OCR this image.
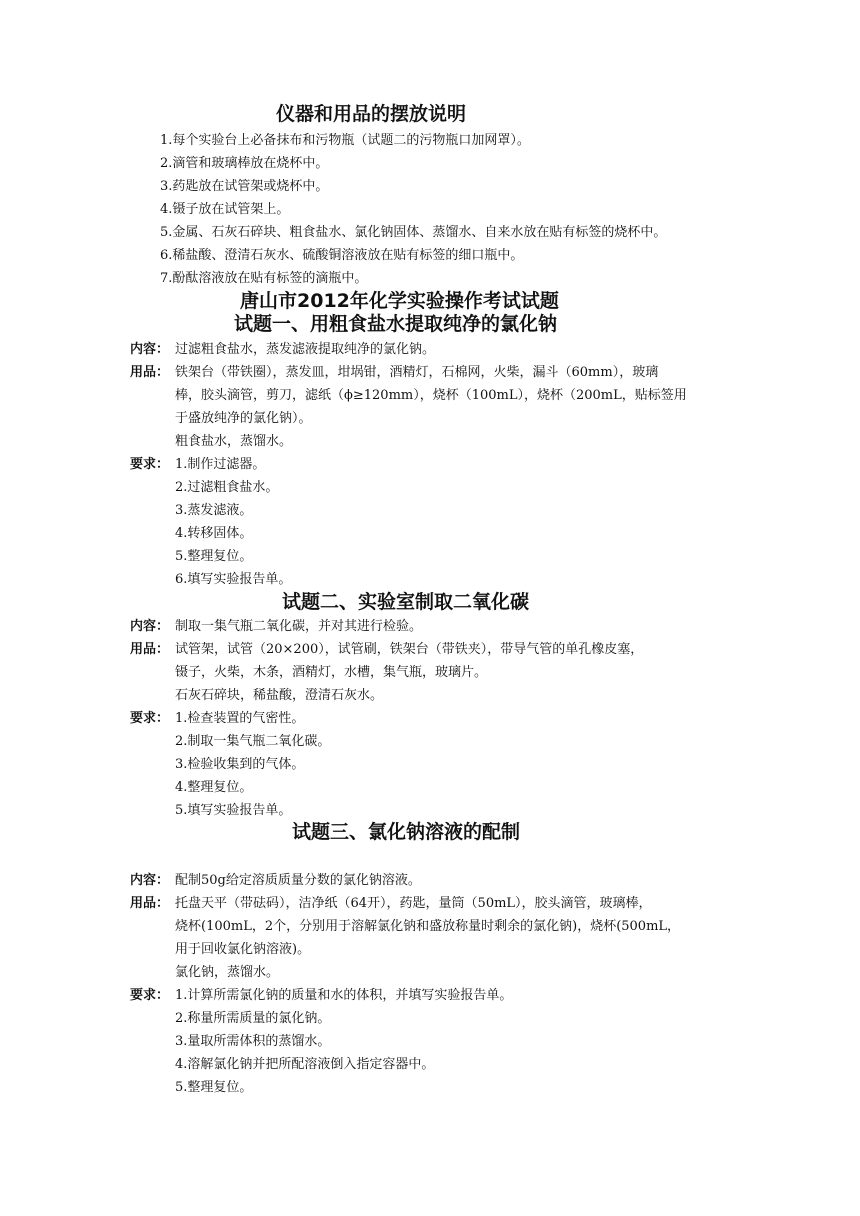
仪器和用品的摆放说明
1.每个实验台上必备抹布和污物瓶（试题二的污物瓶口加网罩）。
2.滴管和玻璃棒放在烧杯中。
3.药匙放在试管架或烧杯中。
4.镊子放在试管架上。
5.金属、石灰石碎块、粗食盐水、氯化钠固体、蒸馏水、自来水放在贴有标签的烧杯中。
6.稀盐酸、澄清石灰水、硫酸铜溶液放在贴有标签的细口瓶中。
7.酚酞溶液放在贴有标签的滴瓶中。
唐山市2012年化学实验操作考试试题
试题一、用粗食盐水提取纯净的氯化钠
内容： 过滤粗食盐水，蒸发滤液提取纯净的氯化钠。
用品： 铁架台（带铁圈），蒸发皿，坩埚钳，酒精灯，石棉网，火柴，漏斗（60mm），玻璃
棒，胶头滴管，剪刀，滤纸（ϕ≥120mm），烧杯（100mL），烧杯（200mL，贴标签用
于盛放纯净的氯化钠）。
粗食盐水，蒸馏水。
要求： 1.制作过滤器。
2.过滤粗食盐水。
3.蒸发滤液。
4.转移固体。
5.整理复位。
6.填写实验报告单。
试题二、实验室制取二氧化碳
内容： 制取一集气瓶二氧化碳，并对其进行检验。
用品： 试管架，试管（20×200），试管刷，铁架台（带铁夹），带导气管的单孔橡皮塞，
镊子，火柴，木条，酒精灯，水槽，集气瓶，玻璃片。
石灰石碎块，稀盐酸，澄清石灰水。
要求： 1.检查装置的气密性。
2.制取一集气瓶二氧化碳。
3.检验收集到的气体。
4.整理复位。
5.填写实验报告单。
试题三、氯化钠溶液的配制
内容： 配制50g给定溶质质量分数的氯化钠溶液。
用品： 托盘天平（带砝码），洁净纸（64开），药匙，量筒（50mL），胶头滴管，玻璃棒，
烧杯(100mL，2个，分别用于溶解氯化钠和盛放称量时剩余的氯化钠)，烧杯(500mL，
用于回收氯化钠溶液)。
氯化钠，蒸馏水。
要求： 1.计算所需氯化钠的质量和水的体积，并填写实验报告单。
2.称量所需质量的氯化钠。
3.量取所需体积的蒸馏水。
4.溶解氯化钠并把所配溶液倒入指定容器中。
5.整理复位。
